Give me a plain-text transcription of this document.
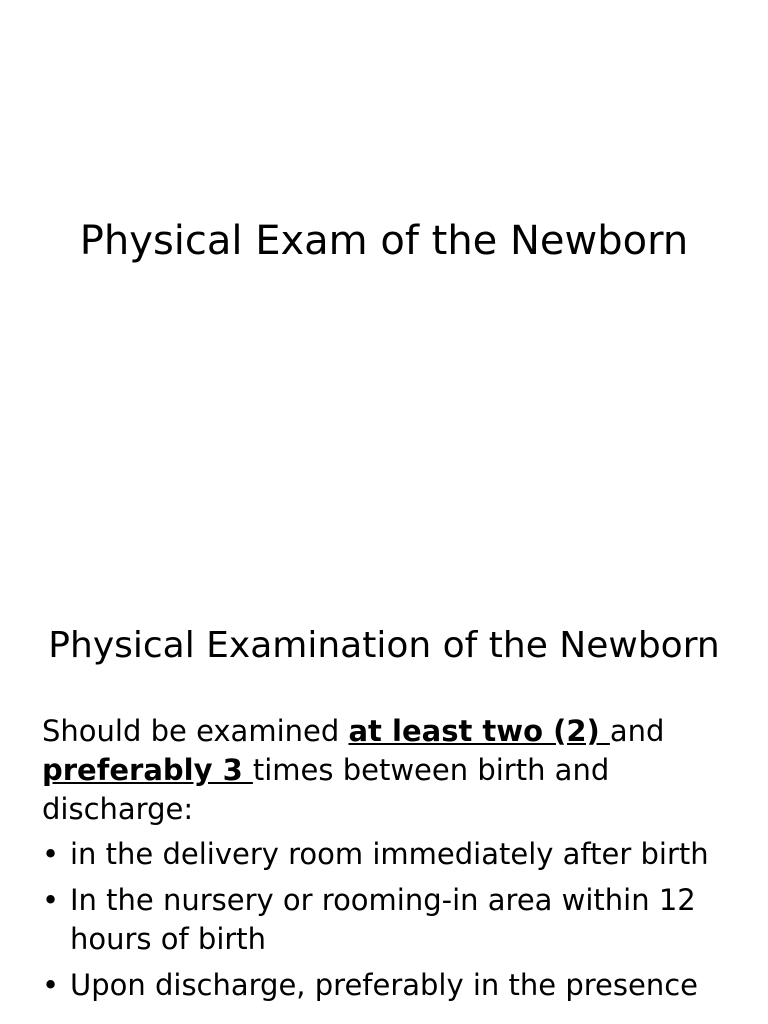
Physical Exam of the Newborn
Physical Examination of the Newborn

Should be examined at least two (2) and preferably 3 times between birth and discharge:

• in the delivery room immediately after birth
• In the nursery or rooming-in area within 12 hours of birth
• Upon discharge, preferably in the presence
